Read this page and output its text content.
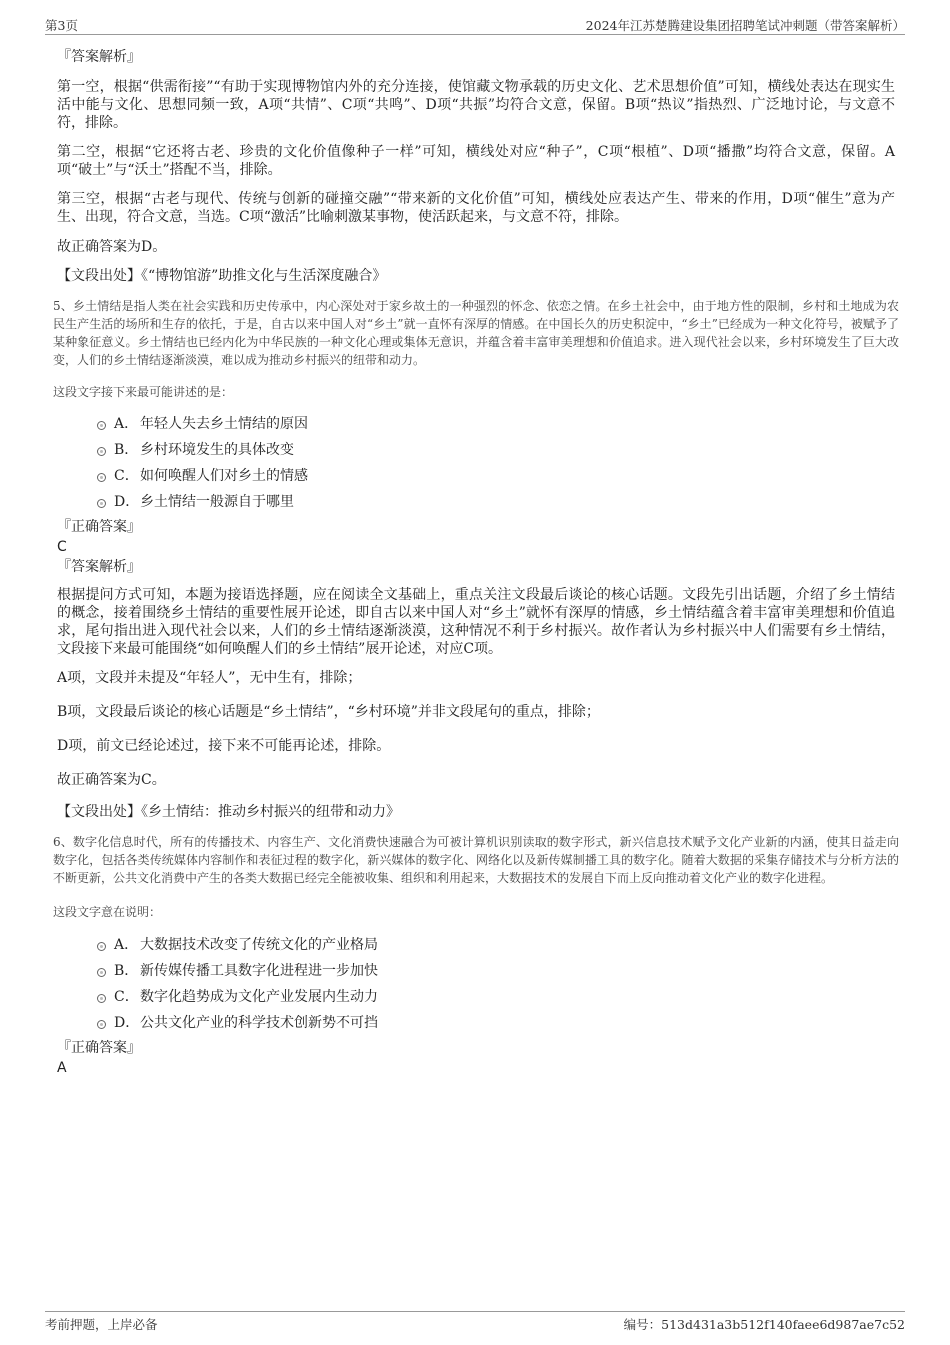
第3页	2024年江苏楚腾建设集团招聘笔试冲刺题（带答案解析）

『答案解析』

第一空，根据“供需衔接”“有助于实现博物馆内外的充分连接，使馆藏文物承载的历史文化、艺术思想价值”可知，横线处表达在现实生活中能与文化、思想同频一致，A项“共情”、C项“共鸣”、D项“共振”均符合文意，保留。B项“热议”指热烈、广泛地讨论，与文意不符，排除。

第二空，根据“它还将古老、珍贵的文化价值像种子一样”可知，横线处对应“种子”，C项“根植”、D项“播撒”均符合文意，保留。A项“破土”与“沃土”搭配不当，排除。

第三空，根据“古老与现代、传统与创新的碰撞交融”“带来新的文化价值”可知，横线处应表达产生、带来的作用，D项“催生”意为产生、出现，符合文意，当选。C项“激活”比喻刺激某事物，使活跃起来，与文意不符，排除。

故正确答案为D。

【文段出处】《“博物馆游”助推文化与生活深度融合》

5、乡土情结是指人类在社会实践和历史传承中，内心深处对于家乡故土的一种强烈的怀念、依恋之情。在乡土社会中，由于地方性的限制，乡村和土地成为农民生产生活的场所和生存的依托，于是，自古以来中国人对“乡土”就一直怀有深厚的情感。在中国长久的历史积淀中，“乡土”已经成为一种文化符号，被赋予了某种象征意义。乡土情结也已经内化为中华民族的一种文化心理或集体无意识，并蕴含着丰富审美理想和价值追求。进入现代社会以来，乡村环境发生了巨大改变，人们的乡土情结逐渐淡漠，难以成为推动乡村振兴的纽带和动力。

这段文字接下来最可能讲述的是：

A． 年轻人失去乡土情结的原因
B． 乡村环境发生的具体改变
C．如何唤醒人们对乡土的情感
D．乡土情结一般源自于哪里

『正确答案』

C

『答案解析』

根据提问方式可知，本题为接语选择题，应在阅读全文基础上，重点关注文段最后谈论的核心话题。文段先引出话题，介绍了乡土情结的概念，接着围绕乡土情结的重要性展开论述，即自古以来中国人对“乡土”就怀有深厚的情感，乡土情结蕴含着丰富审美理想和价值追求，尾句指出进入现代社会以来，人们的乡土情结逐渐淡漠，这种情况不利于乡村振兴。故作者认为乡村振兴中人们需要有乡土情结，文段接下来最可能围绕“如何唤醒人们的乡土情结”展开论述，对应C项。

A项，文段并未提及“年轻人”，无中生有，排除；

B项，文段最后谈论的核心话题是“乡土情结”，“乡村环境”并非文段尾句的重点，排除；

D项，前文已经论述过，接下来不可能再论述，排除。

故正确答案为C。

【文段出处】《乡土情结：推动乡村振兴的纽带和动力》

6、数字化信息时代，所有的传播技术、内容生产、文化消费快速融合为可被计算机识别读取的数字形式，新兴信息技术赋予文化产业新的内涵，使其日益走向数字化，包括各类传统媒体内容制作和表征过程的数字化，新兴媒体的数字化、网络化以及新传媒制播工具的数字化。随着大数据的采集存储技术与分析方法的不断更新，公共文化消费中产生的各类大数据已经完全能被收集、组织和利用起来，大数据技术的发展自下而上反向推动着文化产业的数字化进程。

这段文字意在说明：

A． 大数据技术改变了传统文化的产业格局
B． 新传媒传播工具数字化进程进一步加快
C．数字化趋势成为文化产业发展内生动力
D．公共文化产业的科学技术创新势不可挡

『正确答案』

A

考前押题，上岸必备	编号：513d431a3b512f140faee6d987ae7c52
